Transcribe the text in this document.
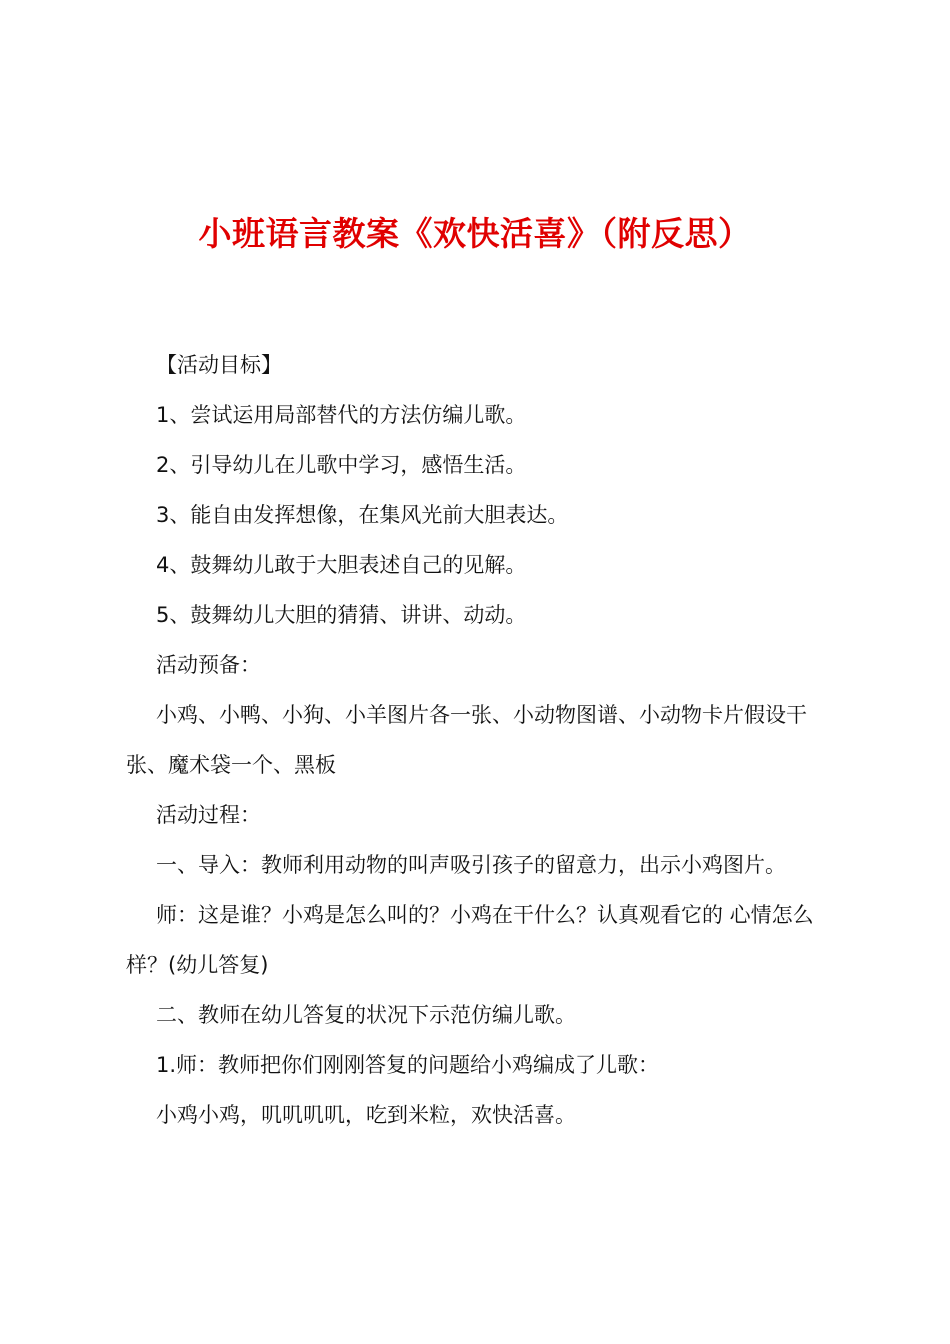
小班语言教案《欢快活喜》（附反思）

【活动目标】

1、尝试运用局部替代的方法仿编儿歌。

2、引导幼儿在儿歌中学习，感悟生活。

3、能自由发挥想像，在集风光前大胆表达。

4、鼓舞幼儿敢于大胆表述自己的见解。

5、鼓舞幼儿大胆的猜猜、讲讲、动动。

活动预备：

小鸡、小鸭、小狗、小羊图片各一张、小动物图谱、小动物卡片假设干张、魔术袋一个、黑板

活动过程：

一、导入：教师利用动物的叫声吸引孩子的留意力，出示小鸡图片。

师：这是谁？小鸡是怎么叫的？小鸡在干什么？认真观看它的 心情怎么样？(幼儿答复)

二、教师在幼儿答复的状况下示范仿编儿歌。

1.师：教师把你们刚刚答复的问题给小鸡编成了儿歌：

小鸡小鸡，叽叽叽叽，吃到米粒，欢快活喜。
